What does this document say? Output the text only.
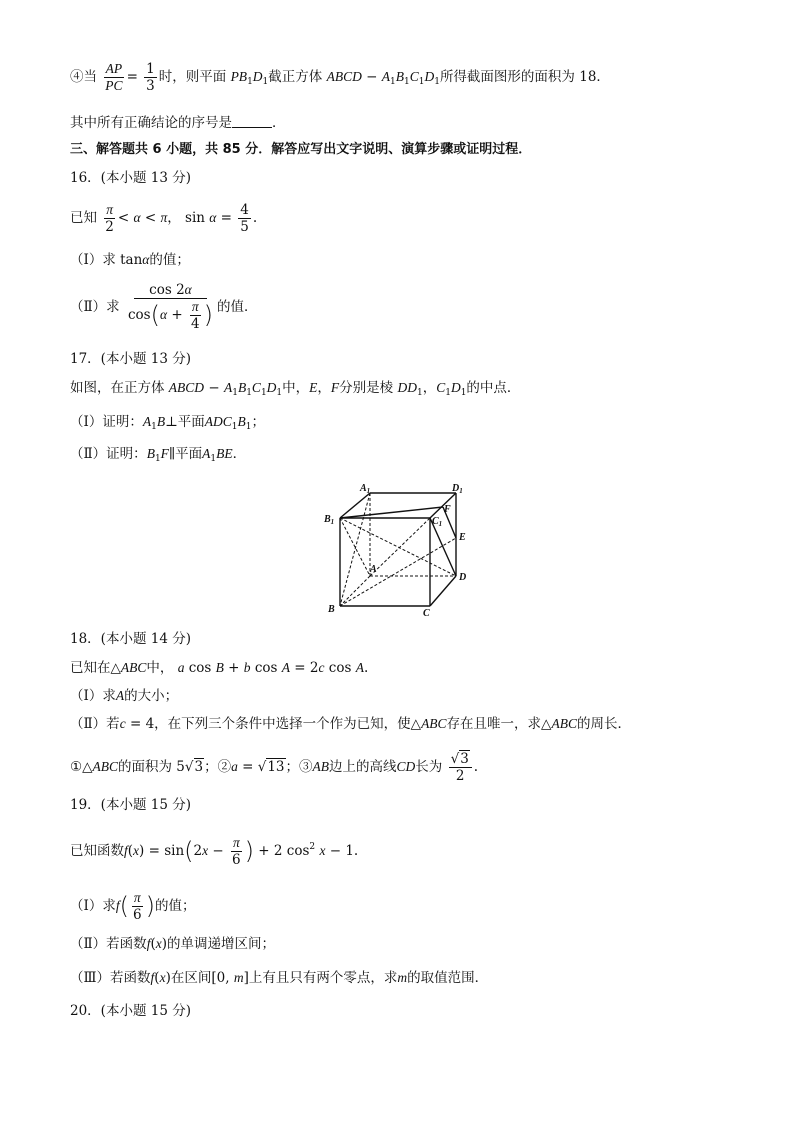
④当 $\frac{AP}{PC} = \frac{1}{3}$ 时，则平面 $PB_1D_1$截正方体 ABCD − $A_1B_1C_1D_1$所得截面图形的面积为 18．
其中所有正确结论的序号是	．
三、解答题共 6 小题，共 85 分．解答应写出文字说明、演算步骤或证明过程．
16．(本小题 13 分)
已知 $\frac{\pi}{2} < \alpha < \pi$， $\sin \alpha = \frac{4}{5}$ .
（Ⅰ）求 tanα的值；
（Ⅱ）求 $\frac{\cos 2\alpha}{\cos(\alpha + \frac{\pi}{4} )}$ 的值．
17．(本小题 13 分)
如图，在正方体 ABCD − $A_1B_1C_1D_1$中，E，F分别是棱 $DD_1$，$C_1D_1$的中点．
（Ⅰ）证明：$A_1B\perp$平面$ADC_1B_1$；
（Ⅱ）证明：$B_1F\parallel$平面$A_1BE$．
$A_1$	$D_1$
$B_1$	$C_1$
F
E
A
D
B	C
18．(本小题 14 分)
已知在△ABC中， a cos B + b cos A = 2c cos A.
（Ⅰ）求A的大小；
（Ⅱ）若c = 4，在下列三个条件中选择一个作为已知，使△ABC存在且唯一，求△ABC的周长．
①△ABC的面积为 5√3；②a = √13；③AB边上的高线CD长为 $\frac{√3}{2}$ .
19．(本小题 15 分)
已知函数$f(x) = \sin(2x - \frac{\pi}{6}$ ) + 2 $\cos^2 x - 1$.
（Ⅰ）求$f( \frac{\pi}{6}$ )的值；
（Ⅱ）若函数f(x)的单调递增区间；
（Ⅲ）若函数f(x)在区间[0, m]上有且只有两个零点，求m的取值范围．
20．(本小题 15 分)
